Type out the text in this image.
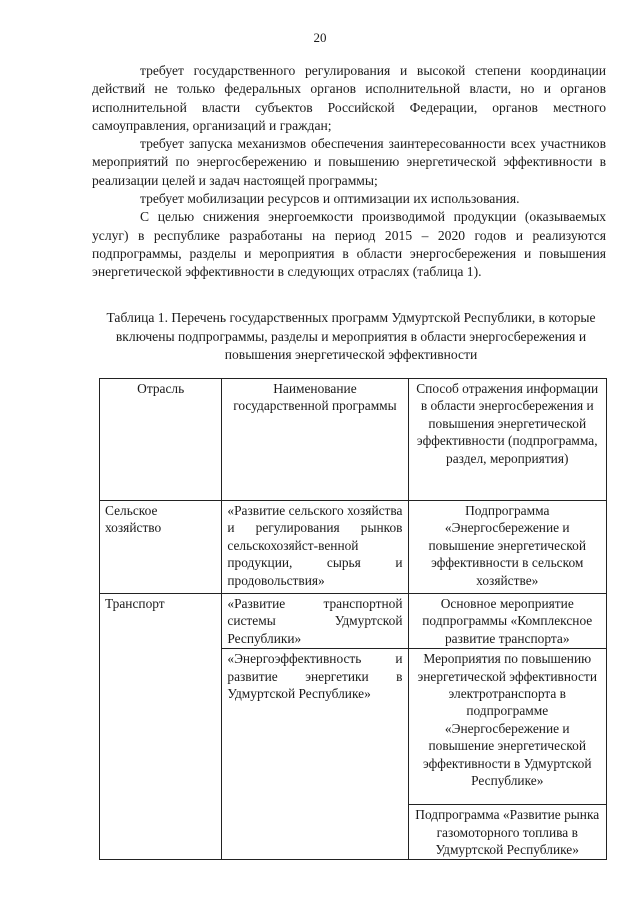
20

требует государственного регулирования и высокой степени координации действий не только федеральных органов исполнительной власти, но и органов исполнительной власти субъектов Российской Федерации, органов местного самоуправления, организаций и граждан;

требует запуска механизмов обеспечения заинтересованности всех участников мероприятий по энергосбережению и повышению энергетической эффективности в реализации целей и задач настоящей программы;

требует мобилизации ресурсов и оптимизации их использования.

С целью снижения энергоемкости производимой продукции (оказываемых услуг) в республике разработаны на период 2015 – 2020 годов и реализуются подпрограммы, разделы и мероприятия в области энергосбережения и повышения энергетической эффективности в следующих отраслях (таблица 1).

Таблица 1. Перечень государственных программ Удмуртской Республики, в которые включены подпрограммы, разделы и мероприятия в области энергосбережения и повышения энергетической эффективности
Отрасль	Наименование государственной программы	Способ отражения информации в области энергосбережения и повышения энергетической эффективности (подпрограмма, раздел, мероприятия)
Сельское хозяйство	«Развитие сельского хозяйства и регулирования рынков сельскохозяйст-венной продукции, сырья и продовольствия»	Подпрограмма «Энергосбережение и повышение энергетической эффективности в сельском хозяйстве»
Транспорт	«Развитие транспортной системы Удмуртской Республики»	Основное мероприятие подпрограммы «Комплексное развитие транспорта»
	«Энергоэффективность и развитие энергетики в Удмуртской Республике»	Мероприятия по повышению энергетической эффективности электротранспорта в подпрограмме «Энергосбережение и повышение энергетической эффективности в Удмуртской Республике»
		Подпрограмма «Развитие рынка газомоторного топлива в Удмуртской Республике»
